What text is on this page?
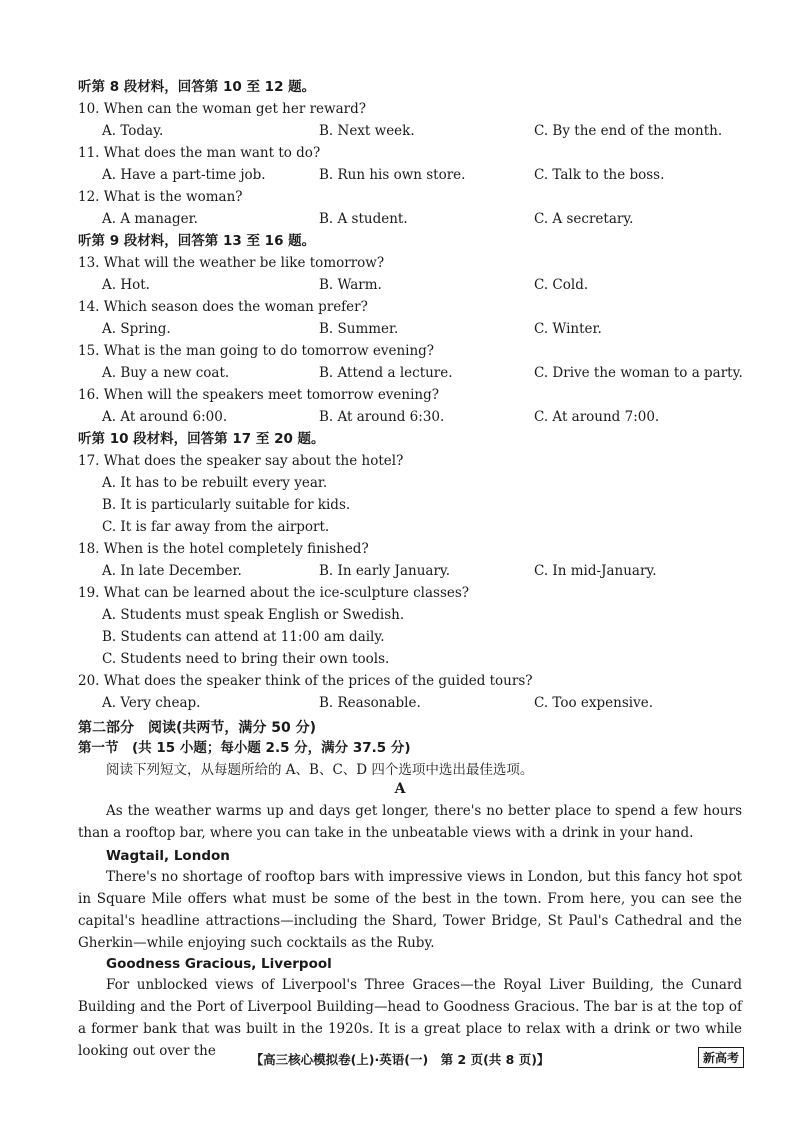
听第 8 段材料，回答第 10 至 12 题。
10. When can the woman get her reward?
A. Today.	B. Next week.	C. By the end of the month.
11. What does the man want to do?
A. Have a part-time job.	B. Run his own store.	C. Talk to the boss.
12. What is the woman?
A. A manager.	B. A student.	C. A secretary.
听第 9 段材料，回答第 13 至 16 题。
13. What will the weather be like tomorrow?
A. Hot.	B. Warm.	C. Cold.
14. Which season does the woman prefer?
A. Spring.	B. Summer.	C. Winter.
15. What is the man going to do tomorrow evening?
A. Buy a new coat.	B. Attend a lecture.	C. Drive the woman to a party.
16. When will the speakers meet tomorrow evening?
A. At around 6:00.	B. At around 6:30.	C. At around 7:00.
听第 10 段材料，回答第 17 至 20 题。
17. What does the speaker say about the hotel?
A. It has to be rebuilt every year.
B. It is particularly suitable for kids.
C. It is far away from the airport.
18. When is the hotel completely finished?
A. In late December.	B. In early January.	C. In mid-January.
19. What can be learned about the ice-sculpture classes?
A. Students must speak English or Swedish.
B. Students can attend at 11:00 am daily.
C. Students need to bring their own tools.
20. What does the speaker think of the prices of the guided tours?
A. Very cheap.	B. Reasonable.	C. Too expensive.
第二部分　阅读(共两节，满分 50 分)
第一节　(共 15 小题；每小题 2.5 分，满分 37.5 分)
阅读下列短文，从每题所给的 A、B、C、D 四个选项中选出最佳选项。
A
As the weather warms up and days get longer, there's no better place to spend a few hours than a rooftop bar, where you can take in the unbeatable views with a drink in your hand.
Wagtail, London
There's no shortage of rooftop bars with impressive views in London, but this fancy hot spot in Square Mile offers what must be some of the best in the town. From here, you can see the capital's headline attractions—including the Shard, Tower Bridge, St Paul's Cathedral and the Gherkin—while enjoying such cocktails as the Ruby.
Goodness Gracious, Liverpool
For unblocked views of Liverpool's Three Graces—the Royal Liver Building, the Cunard Building and the Port of Liverpool Building—head to Goodness Gracious. The bar is at the top of a former bank that was built in the 1920s. It is a great place to relax with a drink or two while looking out over the
【高三核心模拟卷(上)·英语(一)　第 2 页(共 8 页)】	新高考
